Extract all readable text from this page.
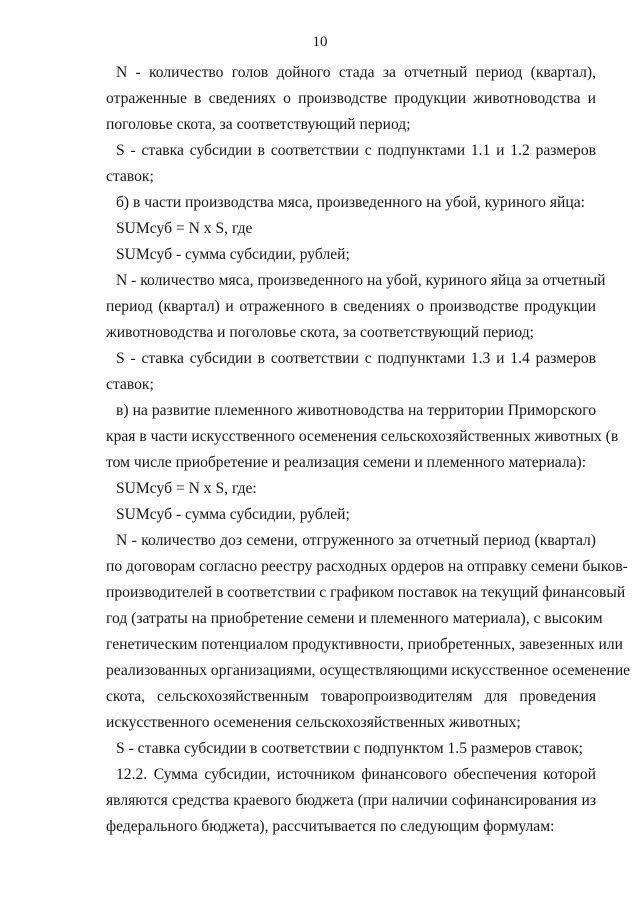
10
N - количество голов дойного стада за отчетный период (квартал),
отраженные в сведениях о производстве продукции животноводства и
поголовье скота, за соответствующий период;
S - ставка субсидии в соответствии с подпунктами 1.1 и 1.2 размеров
ставок;
б) в части производства мяса, произведенного на убой, куриного яйца:
SUMсуб = N x S, где
SUMсуб - сумма субсидии, рублей;
N - количество мяса, произведенного на убой, куриного яйца за отчетный
период (квартал) и отраженного в сведениях о производстве продукции
животноводства и поголовье скота, за соответствующий период;
S - ставка субсидии в соответствии с подпунктами 1.3 и 1.4 размеров
ставок;
в) на развитие племенного животноводства на территории Приморского
края в части искусственного осеменения сельскохозяйственных животных (в
том числе приобретение и реализация семени и племенного материала):
SUMсуб = N x S, где:
SUMсуб - сумма субсидии, рублей;
N - количество доз семени, отгруженного за отчетный период (квартал)
по договорам согласно реестру расходных ордеров на отправку семени быков-
производителей в соответствии с графиком поставок на текущий финансовый
год (затраты на приобретение семени и племенного материала), с высоким
генетическим потенциалом продуктивности, приобретенных, завезенных или
реализованных организациями, осуществляющими искусственное осеменение
скота, сельскохозяйственным товаропроизводителям для проведения
искусственного осеменения сельскохозяйственных животных;
S - ставка субсидии в соответствии с подпунктом 1.5 размеров ставок;
12.2. Сумма субсидии, источником финансового обеспечения которой
являются средства краевого бюджета (при наличии софинансирования из
федерального бюджета), рассчитывается по следующим формулам:
